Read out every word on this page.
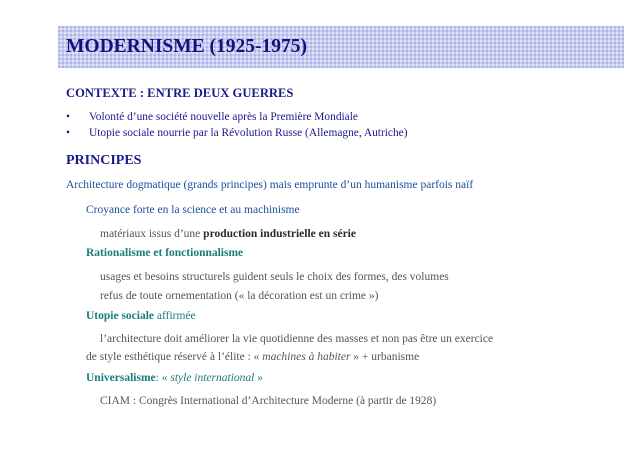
MODERNISME (1925-1975)
CONTEXTE : ENTRE DEUX GUERRES
• Volonté d’une société nouvelle après la Première Mondiale
• Utopie sociale nourrie par la Révolution Russe (Allemagne, Autriche)
PRINCIPES
Architecture dogmatique (grands principes) mais emprunte d’un humanisme parfois naïf
Croyance forte en la science et au machinisme
matériaux issus d’une production industrielle en série
Rationalisme et fonctionnalisme
usages et besoins structurels guident seuls le choix des formes, des volumes
refus de toute ornementation (« la décoration est un crime »)
Utopie sociale affirmée
l’architecture doit améliorer la vie quotidienne des masses et non pas être un exercice
de style esthétique réservé à l’élite : « machines à habiter » + urbanisme
Universalisme: « style international »
CIAM : Congrès International d’Architecture Moderne (à partir de 1928)
